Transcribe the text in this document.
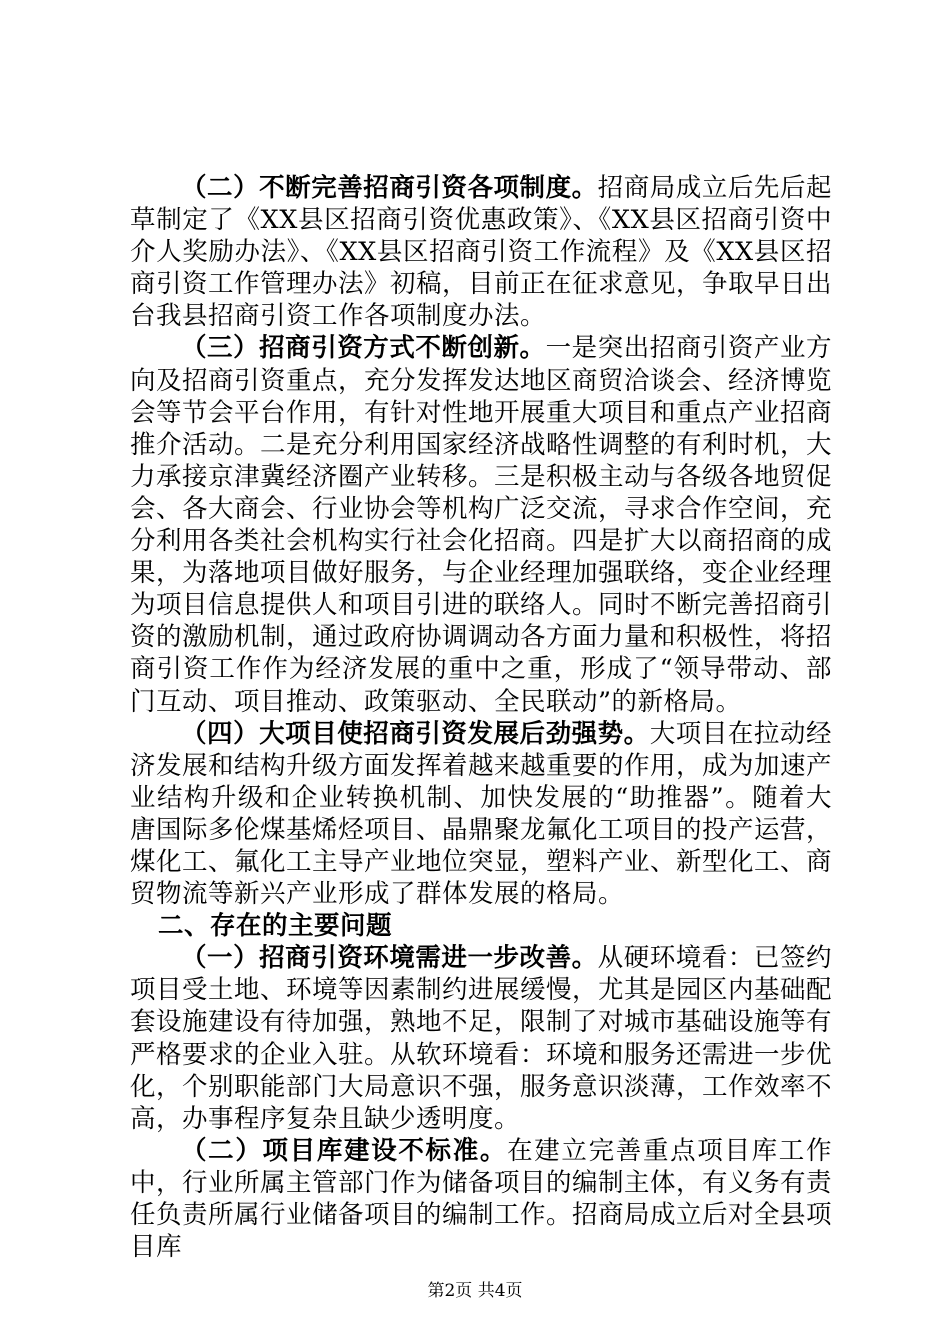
（二）不断完善招商引资各项制度。招商局成立后先后起草制定了《XX县区招商引资优惠政策》、《XX县区招商引资中介人奖励办法》、《XX县区招商引资工作流程》及《XX县区招商引资工作管理办法》初稿，目前正在征求意见，争取早日出台我县招商引资工作各项制度办法。

（三）招商引资方式不断创新。一是突出招商引资产业方向及招商引资重点，充分发挥发达地区商贸洽谈会、经济博览会等节会平台作用，有针对性地开展重大项目和重点产业招商推介活动。二是充分利用国家经济战略性调整的有利时机，大力承接京津冀经济圈产业转移。三是积极主动与各级各地贸促会、各大商会、行业协会等机构广泛交流，寻求合作空间，充分利用各类社会机构实行社会化招商。四是扩大以商招商的成果，为落地项目做好服务，与企业经理加强联络，变企业经理为项目信息提供人和项目引进的联络人。同时不断完善招商引资的激励机制，通过政府协调调动各方面力量和积极性，将招商引资工作作为经济发展的重中之重，形成了“领导带动、部门互动、项目推动、政策驱动、全民联动”的新格局。

（四）大项目使招商引资发展后劲强势。大项目在拉动经济发展和结构升级方面发挥着越来越重要的作用，成为加速产业结构升级和企业转换机制、加快发展的“助推器”。随着大唐国际多伦煤基烯烃项目、晶鼎聚龙氟化工项目的投产运营，煤化工、氟化工主导产业地位突显，塑料产业、新型化工、商贸物流等新兴产业形成了群体发展的格局。

二、存在的主要问题

（一）招商引资环境需进一步改善。从硬环境看：已签约项目受土地、环境等因素制约进展缓慢，尤其是园区内基础配套设施建设有待加强，熟地不足，限制了对城市基础设施等有严格要求的企业入驻。从软环境看：环境和服务还需进一步优化，个别职能部门大局意识不强，服务意识淡薄，工作效率不高，办事程序复杂且缺少透明度。

（二）项目库建设不标准。在建立完善重点项目库工作中，行业所属主管部门作为储备项目的编制主体，有义务有责任负责所属行业储备项目的编制工作。招商局成立后对全县项目库

第2页 共4页
